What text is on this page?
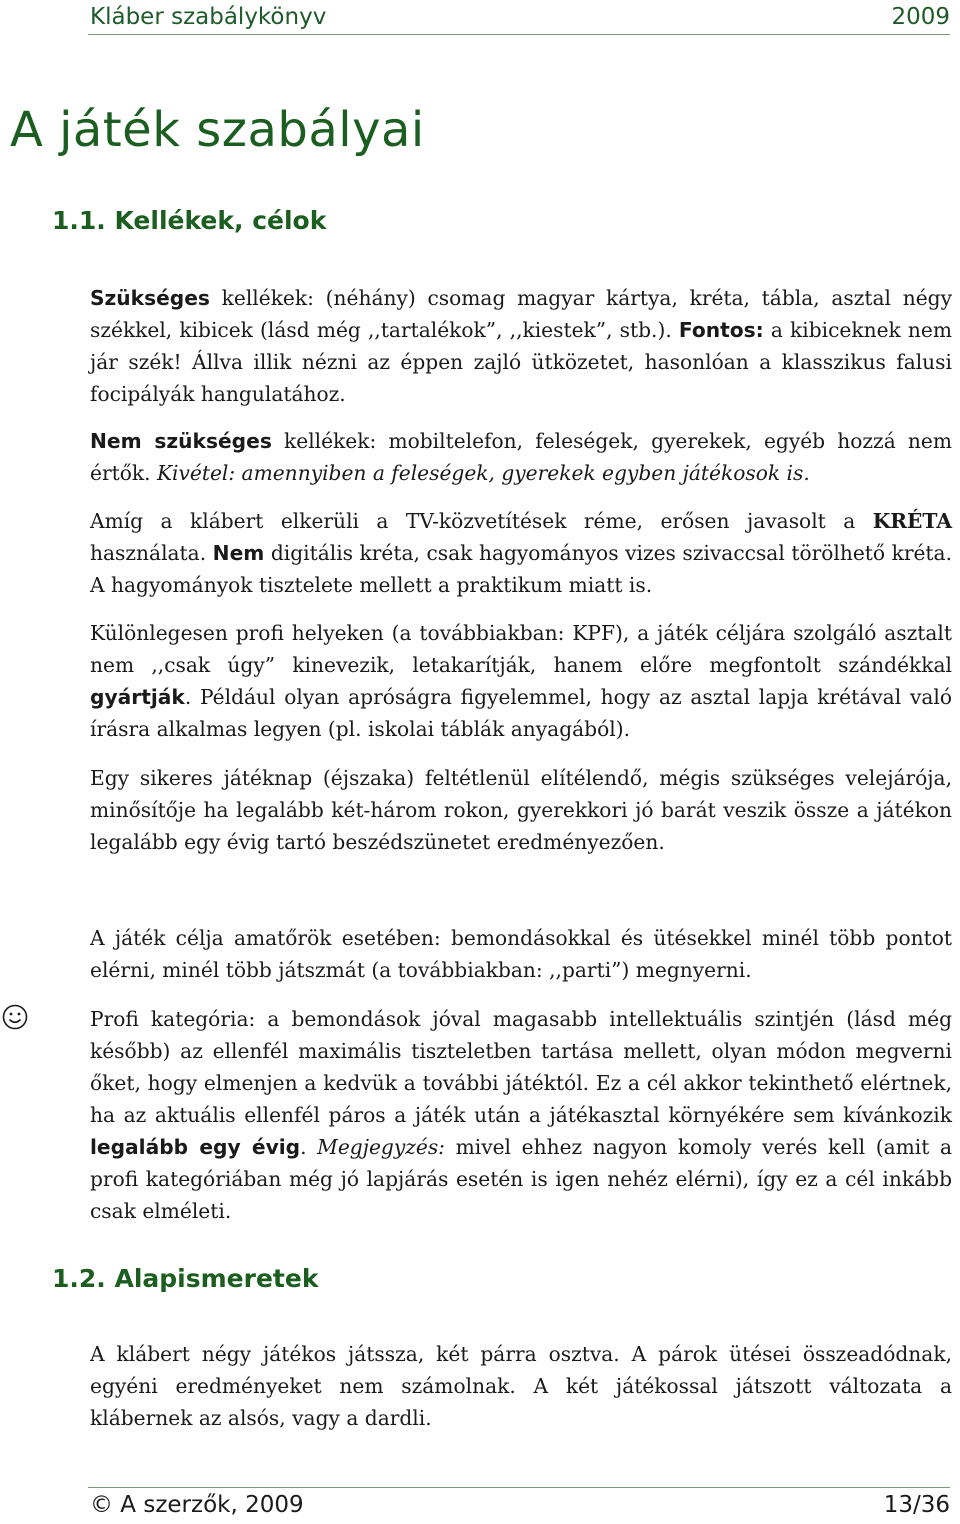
Kláber szabálykönyv	2009
A játék szabályai
1.1. Kellékek, célok

Szükséges kellékek: (néhány) csomag magyar kártya, kréta, tábla, asztal négy székkel, kibicek (lásd még ,,tartalékok”, ,,kiestek”, stb.). Fontos: a kibiceknek nem jár szék! Állva illik nézni az éppen zajló ütközetet, hasonlóan a klasszikus falusi focipályák hangulatához.

Nem szükséges kellékek: mobiltelefon, feleségek, gyerekek, egyéb hozzá nem értők. Kivétel: amennyiben a feleségek, gyerekek egyben játékosok is.

Amíg a klábert elkerüli a TV-közvetítések réme, erősen javasolt a KRÉTA használata. Nem digitális kréta, csak hagyományos vizes szivaccsal törölhető kréta. A hagyományok tisztelete mellett a praktikum miatt is.

Különlegesen profi helyeken (a továbbiakban: KPF), a játék céljára szolgáló asztalt nem ,,csak úgy” kinevezik, letakarítják, hanem előre megfontolt szándékkal gyártják. Például olyan apróságra figyelemmel, hogy az asztal lapja krétával való írásra alkalmas legyen (pl. iskolai táblák anyagából).

Egy sikeres játéknap (éjszaka) feltétlenül elítélendő, mégis szükséges velejárója, minősítője ha legalább két-három rokon, gyerekkori jó barát veszik össze a játékon legalább egy évig tartó beszédszünetet eredményezően.

A játék célja amatőrök esetében: bemondásokkal és ütésekkel minél több pontot elérni, minél több játszmát (a továbbiakban: ,,parti”) megnyerni.

Profi kategória: a bemondások jóval magasabb intellektuális szintjén (lásd még később) az ellenfél maximális tiszteletben tartása mellett, olyan módon megverni őket, hogy elmenjen a kedvük a további játéktól. Ez a cél akkor tekinthető elértnek, ha az aktuális ellenfél páros a játék után a játékasztal környékére sem kívánkozik legalább egy évig. Megjegyzés: mivel ehhez nagyon komoly verés kell (amit a profi kategóriában még jó lapjárás esetén is igen nehéz elérni), így ez a cél inkább csak elméleti.

1.2. Alapismeretek

A klábert négy játékos játssza, két párra osztva. A párok ütései összeadódnak, egyéni eredményeket nem számolnak. A két játékossal játszott változata a klábernek az alsós, vagy a dardli.

© A szerzők, 2009	13/36
